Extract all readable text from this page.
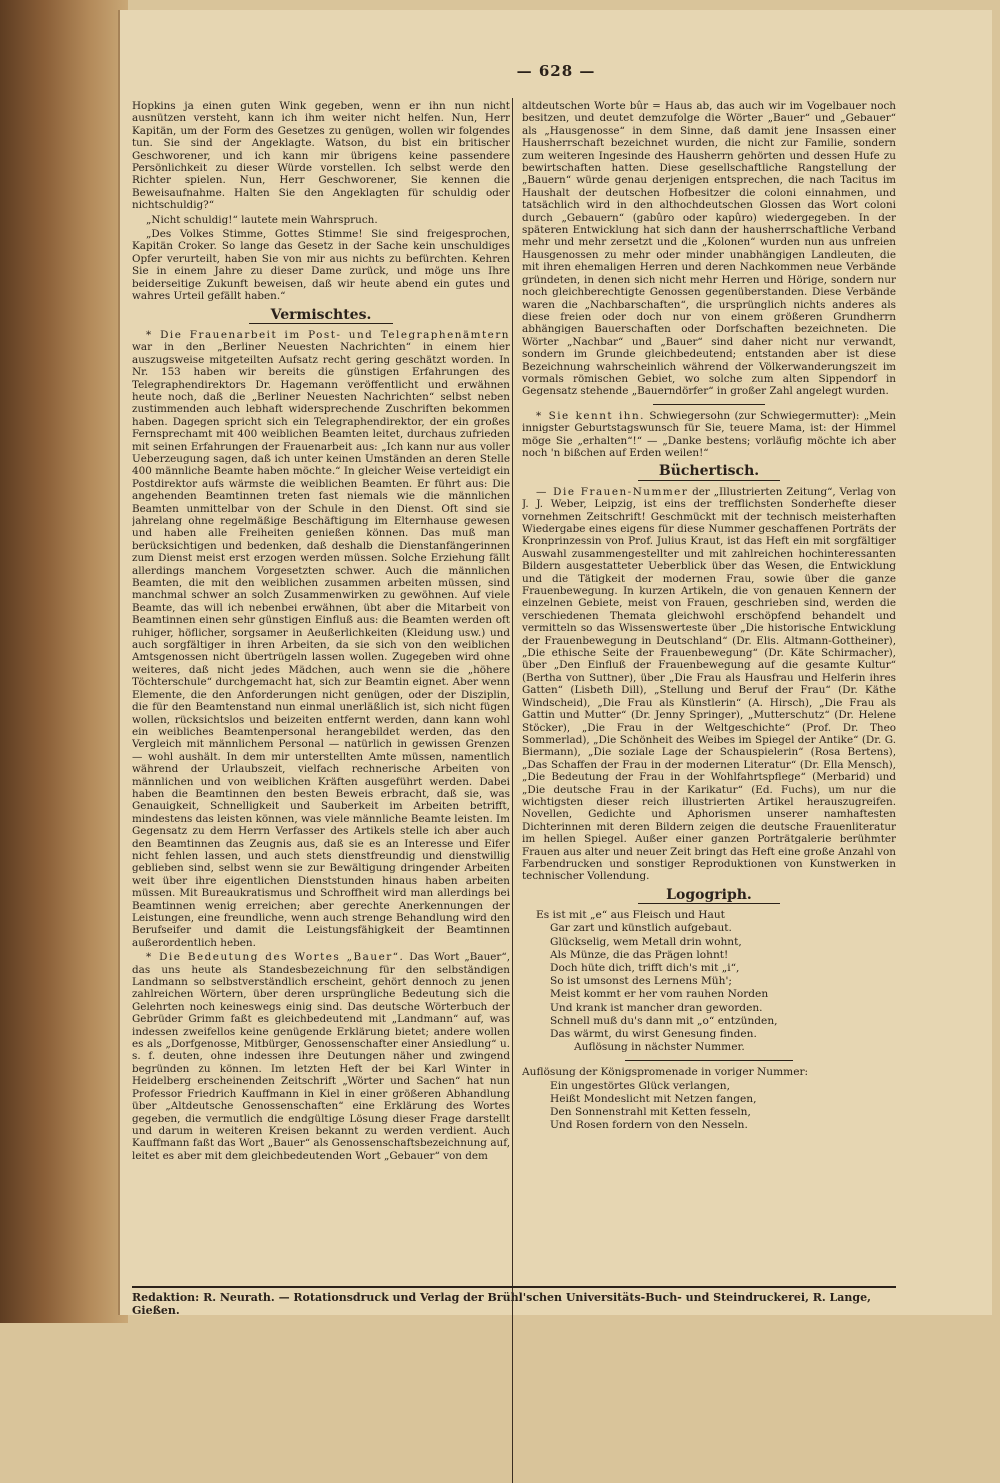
— 628 —

Hopkins ja einen guten Wink gegeben, wenn er ihn nun nicht ausnützen versteht, kann ich ihm weiter nicht helfen. Nun, Herr Kapitän, um der Form des Gesetzes zu genügen, wollen wir folgendes tun. Sie sind der Angeklagte. Watson, du bist ein britischer Geschworener, und ich kann mir übrigens keine passendere Persönlichkeit zu dieser Würde vorstellen. Ich selbst werde den Richter spielen. Nun, Herr Geschworener, Sie kennen die Beweisaufnahme. Halten Sie den Angeklagten für schuldig oder nichtschuldig?“

„Nicht schuldig!“ lautete mein Wahrspruch.

„Des Volkes Stimme, Gottes Stimme! Sie sind freigesprochen, Kapitän Croker. So lange das Gesetz in der Sache kein unschuldiges Opfer verurteilt, haben Sie von mir aus nichts zu befürchten. Kehren Sie in einem Jahre zu dieser Dame zurück, und möge uns Ihre beiderseitige Zukunft beweisen, daß wir heute abend ein gutes und wahres Urteil gefällt haben.“

Vermischtes.

* Die Frauenarbeit im Post- und Telegraphenämtern war in den „Berliner Neuesten Nachrichten“ in einem hier auszugsweise mitgeteilten Aufsatz recht gering geschätzt worden. In Nr. 153 haben wir bereits die günstigen Erfahrungen des Telegraphendirektors Dr. Hagemann veröffentlicht und erwähnen heute noch, daß die „Berliner Neuesten Nachrichten“ selbst neben zustimmenden auch lebhaft widersprechende Zuschriften bekommen haben. Dagegen spricht sich ein Telegraphendirektor, der ein großes Fernsprechamt mit 400 weiblichen Beamten leitet, durchaus zufrieden mit seinen Erfahrungen der Frauenarbeit aus: „Ich kann nur aus voller Ueberzeugung sagen, daß ich unter keinen Umständen an deren Stelle 400 männliche Beamte haben möchte.“ In gleicher Weise verteidigt ein Postdirektor aufs wärmste die weiblichen Beamten. Er führt aus: Die angehenden Beamtinnen treten fast niemals wie die männlichen Beamten unmittelbar von der Schule in den Dienst. Oft sind sie jahrelang ohne regelmäßige Beschäftigung im Elternhause gewesen und haben alle Freiheiten genießen können. Das muß man berücksichtigen und bedenken, daß deshalb die Dienstanfängerinnen zum Dienst meist erst erzogen werden müssen. Solche Erziehung fällt allerdings manchem Vorgesetzten schwer. Auch die männlichen Beamten, die mit den weiblichen zusammen arbeiten müssen, sind manchmal schwer an solch Zusammenwirken zu gewöhnen. Auf viele Beamte, das will ich nebenbei erwähnen, übt aber die Mitarbeit von Beamtinnen einen sehr günstigen Einfluß aus: die Beamten werden oft ruhiger, höflicher, sorgsamer in Aeußerlichkeiten (Kleidung usw.) und auch sorgfältiger in ihren Arbeiten, da sie sich von den weiblichen Amtsgenossen nicht übertrügeln lassen wollen. Zugegeben wird ohne weiteres, daß nicht jedes Mädchen, auch wenn sie die „höhere Töchterschule“ durchgemacht hat, sich zur Beamtin eignet. Aber wenn Elemente, die den Anforderungen nicht genügen, oder der Disziplin, die für den Beamtenstand nun einmal unerläßlich ist, sich nicht fügen wollen, rücksichtslos und beizeiten entfernt werden, dann kann wohl ein weibliches Beamtenpersonal herangebildet werden, das den Vergleich mit männlichem Personal — natürlich in gewissen Grenzen — wohl aushält. In dem mir unterstellten Amte müssen, namentlich während der Urlaubszeit, vielfach rechnerische Arbeiten von männlichen und von weiblichen Kräften ausgeführt werden. Dabei haben die Beamtinnen den besten Beweis erbracht, daß sie, was Genauigkeit, Schnelligkeit und Sauberkeit im Arbeiten betrifft, mindestens das leisten können, was viele männliche Beamte leisten. Im Gegensatz zu dem Herrn Verfasser des Artikels stelle ich aber auch den Beamtinnen das Zeugnis aus, daß sie es an Interesse und Eifer nicht fehlen lassen, und auch stets dienstfreundig und dienstwillig geblieben sind, selbst wenn sie zur Bewältigung dringender Arbeiten weit über ihre eigentlichen Dienststunden hinaus haben arbeiten müssen. Mit Bureaukratismus und Schroffheit wird man allerdings bei Beamtinnen wenig erreichen; aber gerechte Anerkennungen der Leistungen, eine freundliche, wenn auch strenge Behandlung wird den Berufseifer und damit die Leistungsfähigkeit der Beamtinnen außerordentlich heben.

* Die Bedeutung des Wortes „Bauer“. Das Wort „Bauer“, das uns heute als Standesbezeichnung für den selbständigen Landmann so selbstverständlich erscheint, gehört dennoch zu jenen zahlreichen Wörtern, über deren ursprüngliche Bedeutung sich die Gelehrten noch keineswegs einig sind. Das deutsche Wörterbuch der Gebrüder Grimm faßt es gleichbedeutend mit „Landmann“ auf, was indessen zweifellos keine genügende Erklärung bietet; andere wollen es als „Dorfgenosse, Mitbürger, Genossenschafter einer Ansiedlung“ u. s. f. deuten, ohne indessen ihre Deutungen näher und zwingend begründen zu können. Im letzten Heft der bei Karl Winter in Heidelberg erscheinenden Zeitschrift „Wörter und Sachen“ hat nun Professor Friedrich Kauffmann in Kiel in einer größeren Abhandlung über „Altdeutsche Genossenschaften“ eine Erklärung des Wortes gegeben, die vermutlich die endgültige Lösung dieser Frage darstellt und darum in weiteren Kreisen bekannt zu werden verdient. Auch Kauffmann faßt das Wort „Bauer“ als Genossenschaftsbezeichnung auf, leitet es aber mit dem gleichbedeutenden Wort „Gebauer“ von dem

altdeutschen Worte bûr = Haus ab, das auch wir im Vogelbauer noch besitzen, und deutet demzufolge die Wörter „Bauer“ und „Gebauer“ als „Hausgenosse“ in dem Sinne, daß damit jene Insassen einer Hausherrschaft bezeichnet wurden, die nicht zur Familie, sondern zum weiteren Ingesinde des Hausherrn gehörten und dessen Hufe zu bewirtschaften hatten. Diese gesellschaftliche Rangstellung der „Bauern“ würde genau derjenigen entsprechen, die nach Tacitus im Haushalt der deutschen Hofbesitzer die coloni einnahmen, und tatsächlich wird in den althochdeutschen Glossen das Wort coloni durch „Gebauern“ (gabûro oder kapûro) wiedergegeben. In der späteren Entwicklung hat sich dann der hausherrschaftliche Verband mehr und mehr zersetzt und die „Kolonen“ wurden nun aus unfreien Hausgenossen zu mehr oder minder unabhängigen Landleuten, die mit ihren ehemaligen Herren und deren Nachkommen neue Verbände gründeten, in denen sich nicht mehr Herren und Hörige, sondern nur noch gleichberechtigte Genossen gegenüberstanden. Diese Verbände waren die „Nachbarschaften“, die ursprünglich nichts anderes als diese freien oder doch nur von einem größeren Grundherrn abhängigen Bauerschaften oder Dorfschaften bezeichneten. Die Wörter „Nachbar“ und „Bauer“ sind daher nicht nur verwandt, sondern im Grunde gleichbedeutend; entstanden aber ist diese Bezeichnung wahrscheinlich während der Völkerwanderungszeit im vormals römischen Gebiet, wo solche zum alten Sippendorf in Gegensatz stehende „Bauerndörfer“ in großer Zahl angelegt wurden.

* Sie kennt ihn. Schwiegersohn (zur Schwiegermutter): „Mein innigster Geburtstagswunsch für Sie, teuere Mama, ist: der Himmel möge Sie „erhalten“!“ — „Danke bestens; vorläufig möchte ich aber noch 'n bißchen auf Erden weilen!“

Büchertisch.

— Die Frauen-Nummer der „Illustrierten Zeitung“, Verlag von J. J. Weber, Leipzig, ist eins der trefflichsten Sonderhefte dieser vornehmen Zeitschrift! Geschmückt mit der technisch meisterhaften Wiedergabe eines eigens für diese Nummer geschaffenen Porträts der Kronprinzessin von Prof. Julius Kraut, ist das Heft ein mit sorgfältiger Auswahl zusammengestellter und mit zahlreichen hochinteressanten Bildern ausgestatteter Ueberblick über das Wesen, die Entwicklung und die Tätigkeit der modernen Frau, sowie über die ganze Frauenbewegung. In kurzen Artikeln, die von genauen Kennern der einzelnen Gebiete, meist von Frauen, geschrieben sind, werden die verschiedenen Themata gleichwohl erschöpfend behandelt und vermitteln so das Wissenswerteste über „Die historische Entwicklung der Frauenbewegung in Deutschland“ (Dr. Elis. Altmann-Gottheiner), „Die ethische Seite der Frauenbewegung“ (Dr. Käte Schirmacher), über „Den Einfluß der Frauenbewegung auf die gesamte Kultur“ (Bertha von Suttner), über „Die Frau als Hausfrau und Helferin ihres Gatten“ (Lisbeth Dill), „Stellung und Beruf der Frau“ (Dr. Käthe Windscheid), „Die Frau als Künstlerin“ (A. Hirsch), „Die Frau als Gattin und Mutter“ (Dr. Jenny Springer), „Mutterschutz“ (Dr. Helene Stöcker), „Die Frau in der Weltgeschichte“ (Prof. Dr. Theo Sommerlad), „Die Schönheit des Weibes im Spiegel der Antike“ (Dr. G. Biermann), „Die soziale Lage der Schauspielerin“ (Rosa Bertens), „Das Schaffen der Frau in der modernen Literatur“ (Dr. Ella Mensch), „Die Bedeutung der Frau in der Wohlfahrtspflege“ (Merbarid) und „Die deutsche Frau in der Karikatur“ (Ed. Fuchs), um nur die wichtigsten dieser reich illustrierten Artikel herauszugreifen. Novellen, Gedichte und Aphorismen unserer namhaftesten Dichterinnen mit deren Bildern zeigen die deutsche Frauenliteratur im hellen Spiegel. Außer einer ganzen Porträtgalerie berühmter Frauen aus alter und neuer Zeit bringt das Heft eine große Anzahl von Farbendrucken und sonstiger Reproduktionen von Kunstwerken in technischer Vollendung.

Logogriph.
Es ist mit „e“ aus Fleisch und Haut
Gar zart und künstlich aufgebaut.
Glückselig, wem Metall drin wohnt,
Als Münze, die das Prägen lohnt!
Doch hüte dich, trifft dich's mit „i“,
So ist umsonst des Lernens Müh';
Meist kommt er her vom rauhen Norden
Und krank ist mancher dran geworden.
Schnell muß du's dann mit „o“ entzünden,
Das wärmt, du wirst Genesung finden.
Auflösung in nächster Nummer.
Auflösung der Königspromenade in voriger Nummer:
Ein ungestörtes Glück verlangen,
Heißt Mondeslicht mit Netzen fangen,
Den Sonnenstrahl mit Ketten fesseln,
Und Rosen fordern von den Nesseln.
Redaktion: R. Neurath. — Rotationsdruck und Verlag der Brühl'schen Universitäts-Buch- und Steindruckerei, R. Lange, Gießen.
